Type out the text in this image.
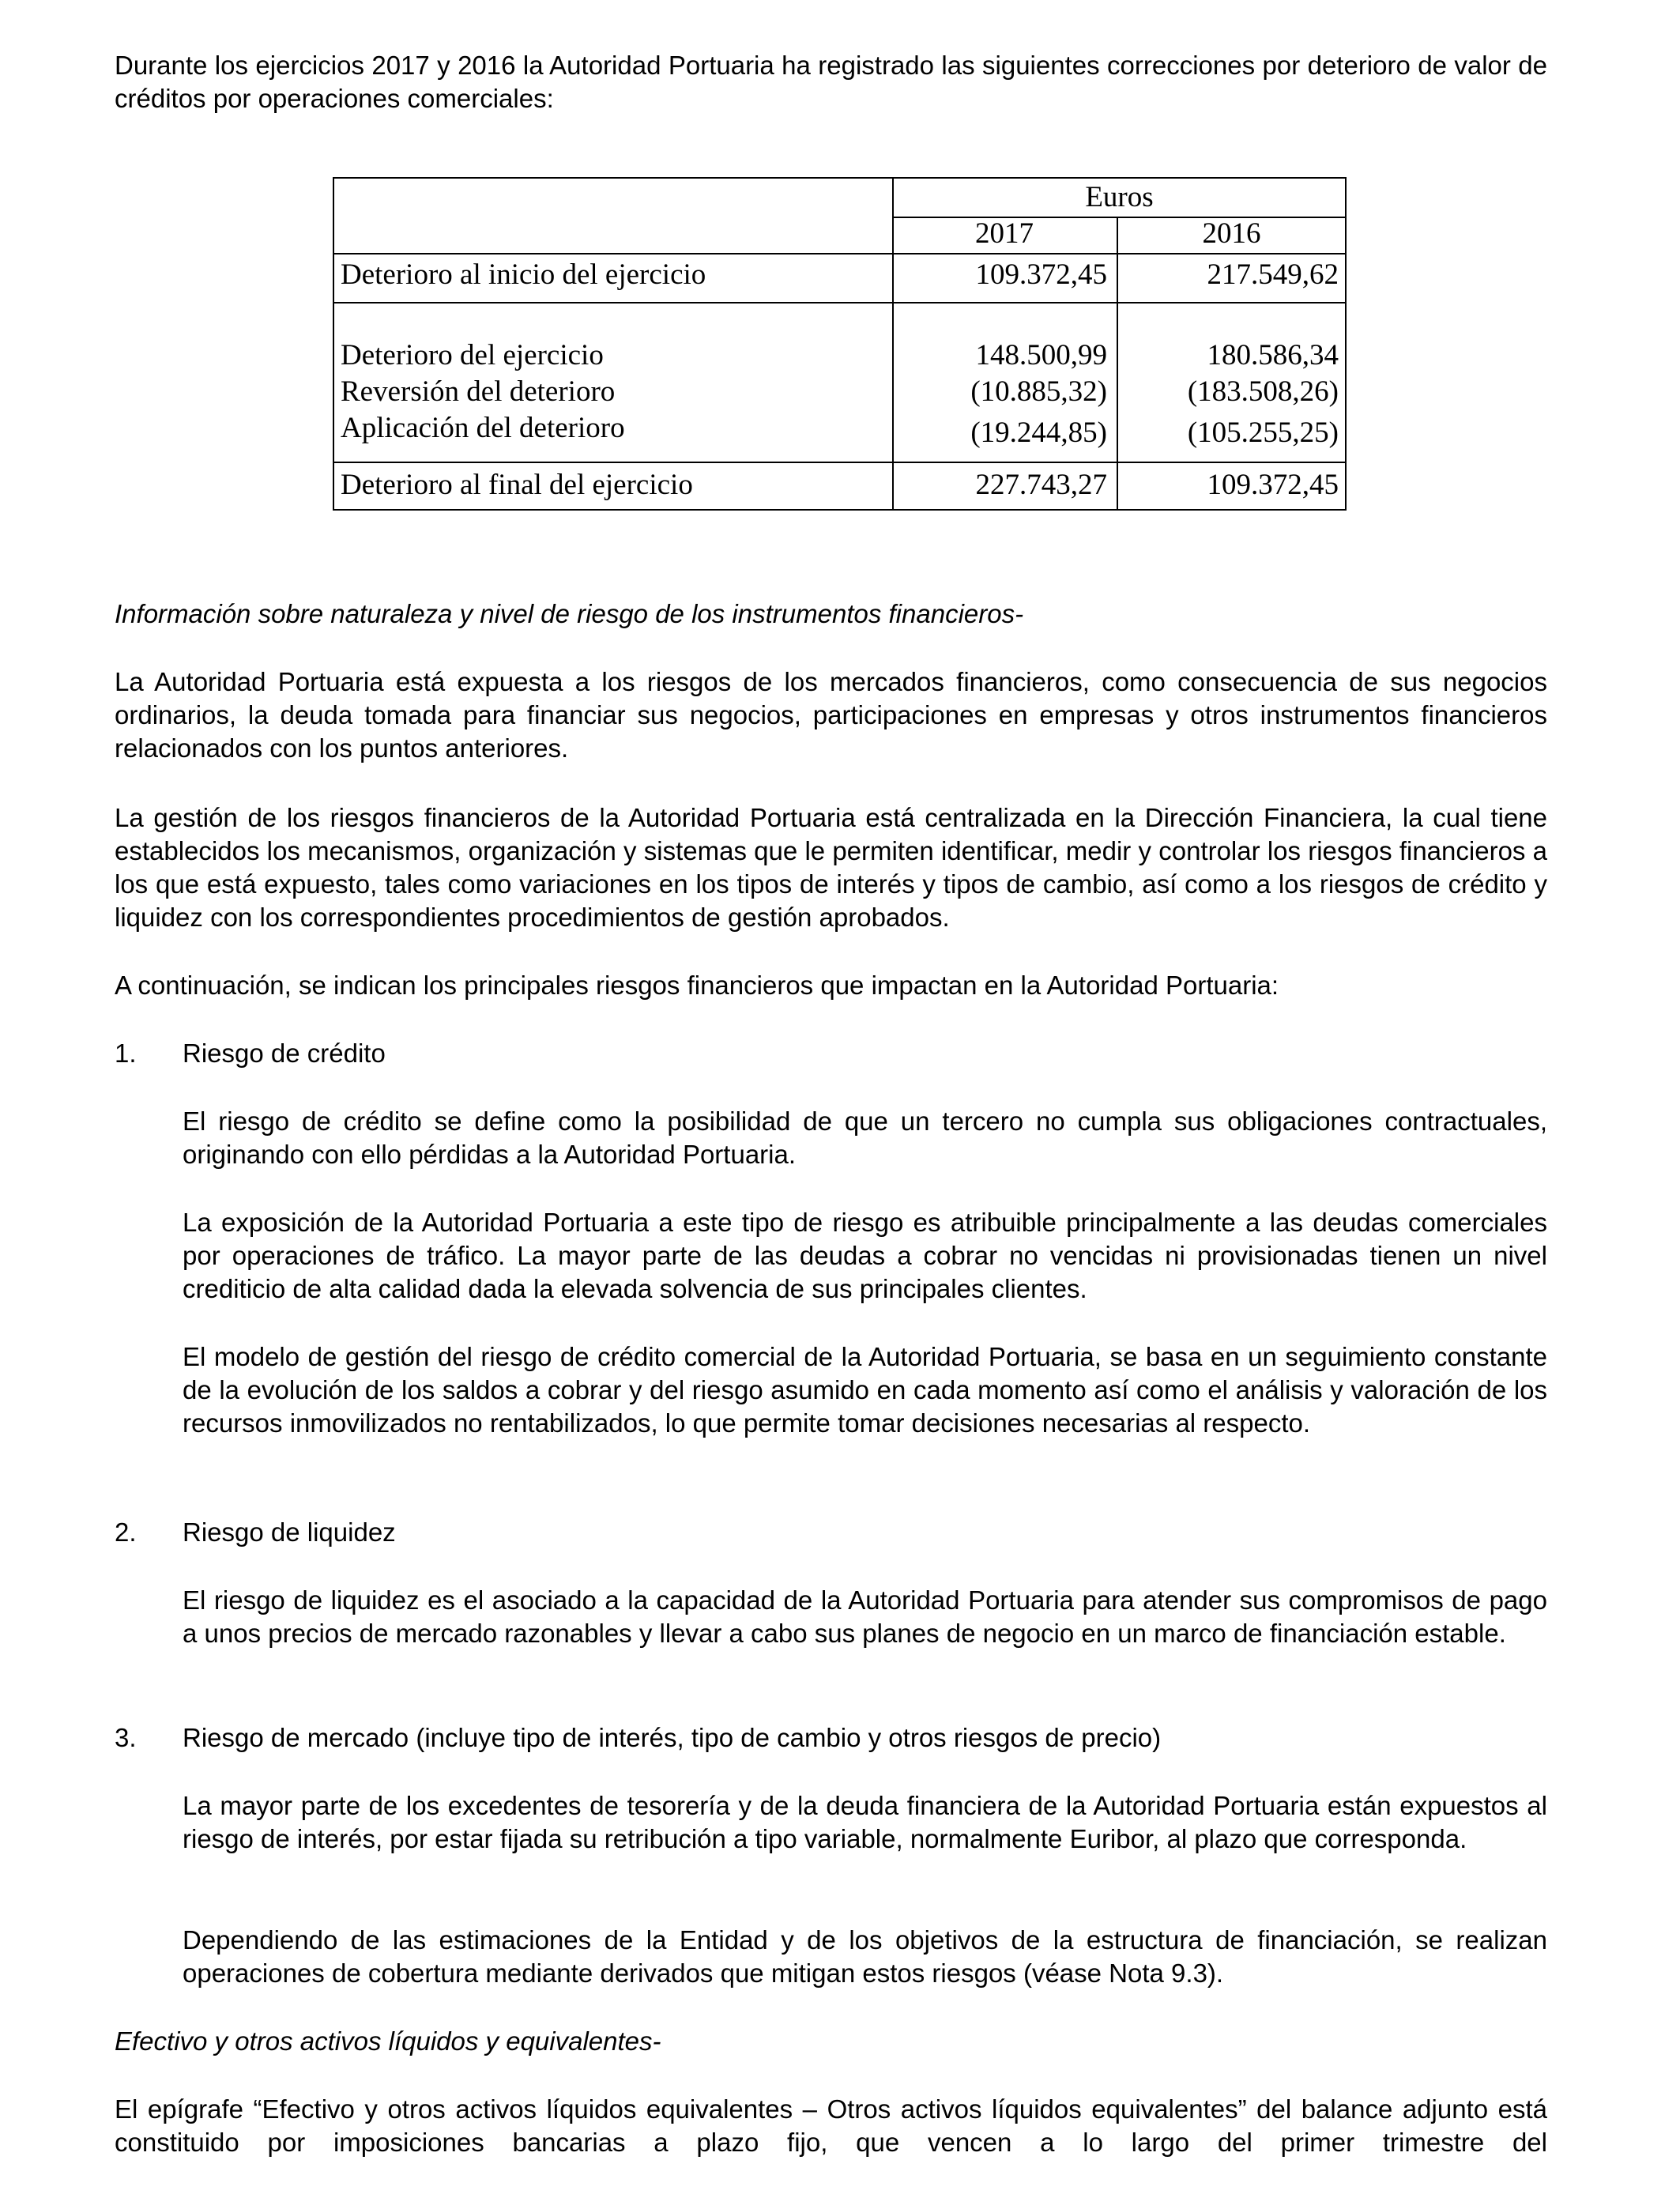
Durante los ejercicios 2017 y 2016 la Autoridad Portuaria ha registrado las siguientes correcciones por deterioro de valor de créditos por operaciones comerciales:

Euros
2017	2016
Deterioro al inicio del ejercicio	109.372,45	217.549,62
Deterioro del ejercicio	148.500,99	180.586,34
Reversión del deterioro	(10.885,32)	(183.508,26)
Aplicación del deterioro	(19.244,85)	(105.255,25)
Deterioro al final del ejercicio	227.743,27	109.372,45

Información sobre naturaleza y nivel de riesgo de los instrumentos financieros-

La Autoridad Portuaria está expuesta a los riesgos de los mercados financieros, como consecuencia de sus negocios ordinarios, la deuda tomada para financiar sus negocios, participaciones en empresas y otros instrumentos financieros relacionados con los puntos anteriores.

La gestión de los riesgos financieros de la Autoridad Portuaria está centralizada en la Dirección Financiera, la cual tiene establecidos los mecanismos, organización y sistemas que le permiten identificar, medir y controlar los riesgos financieros a los que está expuesto, tales como variaciones en los tipos de interés y tipos de cambio, así como a los riesgos de crédito y liquidez con los correspondientes procedimientos de gestión aprobados.

A continuación, se indican los principales riesgos financieros que impactan en la Autoridad Portuaria:

1. Riesgo de crédito

El riesgo de crédito se define como la posibilidad de que un tercero no cumpla sus obligaciones contractuales, originando con ello pérdidas a la Autoridad Portuaria.

La exposición de la Autoridad Portuaria a este tipo de riesgo es atribuible principalmente a las deudas comerciales por operaciones de tráfico. La mayor parte de las deudas a cobrar no vencidas ni provisionadas tienen un nivel crediticio de alta calidad dada la elevada solvencia de sus principales clientes.

El modelo de gestión del riesgo de crédito comercial de la Autoridad Portuaria, se basa en un seguimiento constante de la evolución de los saldos a cobrar y del riesgo asumido en cada momento así como el análisis y valoración de los recursos inmovilizados no rentabilizados, lo que permite tomar decisiones necesarias al respecto.

2. Riesgo de liquidez

El riesgo de liquidez es el asociado a la capacidad de la Autoridad Portuaria para atender sus compromisos de pago a unos precios de mercado razonables y llevar a cabo sus planes de negocio en un marco de financiación estable.

3. Riesgo de mercado (incluye tipo de interés, tipo de cambio y otros riesgos de precio)

La mayor parte de los excedentes de tesorería y de la deuda financiera de la Autoridad Portuaria están expuestos al riesgo de interés, por estar fijada su retribución a tipo variable, normalmente Euribor, al plazo que corresponda.

Dependiendo de las estimaciones de la Entidad y de los objetivos de la estructura de financiación, se realizan operaciones de cobertura mediante derivados que mitigan estos riesgos (véase Nota 9.3).

Efectivo y otros activos líquidos y equivalentes-

El epígrafe “Efectivo y otros activos líquidos equivalentes – Otros activos líquidos equivalentes” del balance adjunto está constituido por imposiciones bancarias a plazo fijo, que vencen a lo largo del primer trimestre del
